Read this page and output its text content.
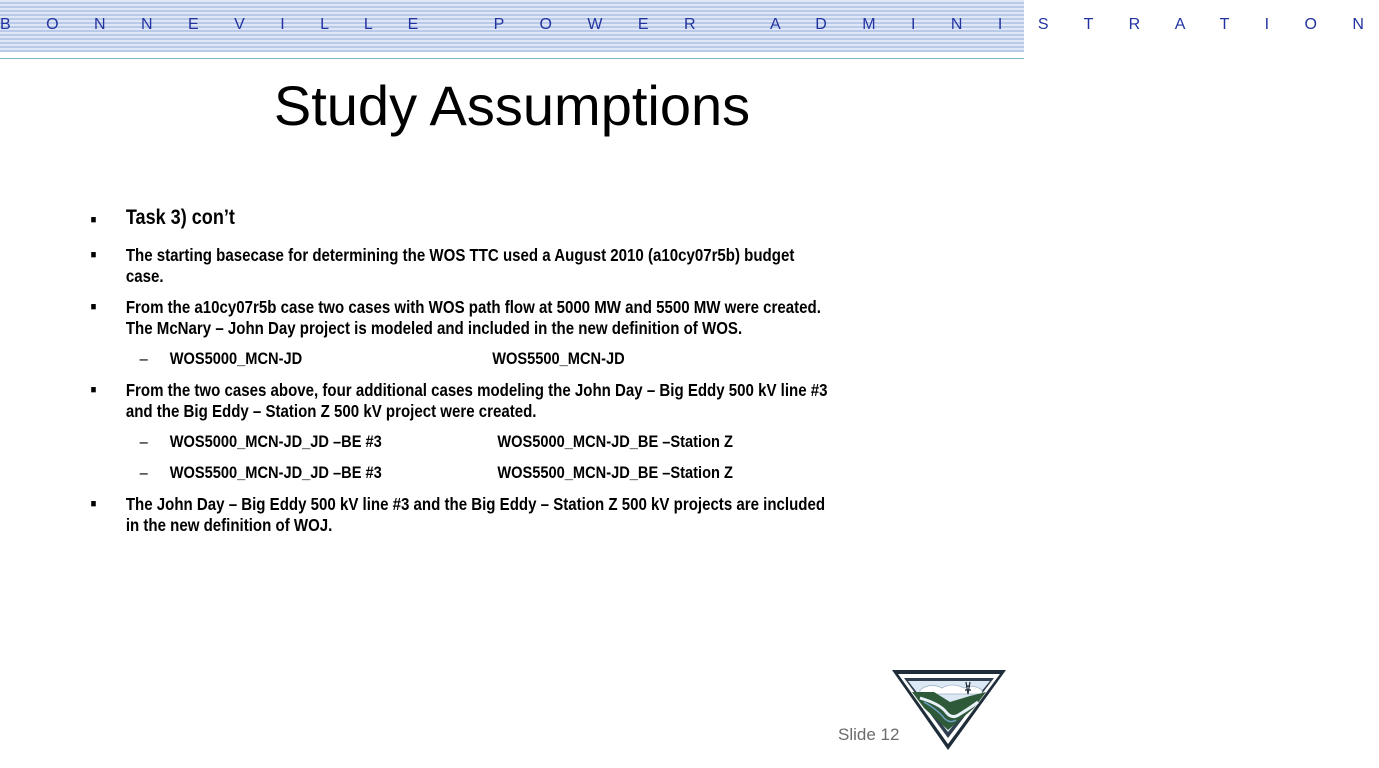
B O N N E V I L L E   P O W E R   A D M I N I S T R A T I O N
Study Assumptions
■ Task 3) con’t
■ The starting basecase for determining the WOS TTC used a August 2010 (a10cy07r5b) budget case.
■ From the a10cy07r5b case two cases with WOS path flow at 5000 MW and 5500 MW were created. The McNary – John Day project is modeled and included in the new definition of WOS.
– WOS5000_MCN-JD	WOS5500_MCN-JD
■ From the two cases above, four additional cases modeling the John Day – Big Eddy 500 kV line #3 and the Big Eddy – Station Z 500 kV project were created.
– WOS5000_MCN-JD_JD –BE #3	WOS5000_MCN-JD_BE –Station Z
– WOS5500_MCN-JD_JD –BE #3	WOS5500_MCN-JD_BE –Station Z
■ The John Day – Big Eddy 500 kV line #3 and the Big Eddy – Station Z 500 kV projects are included in the new definition of WOJ.
Slide 12
